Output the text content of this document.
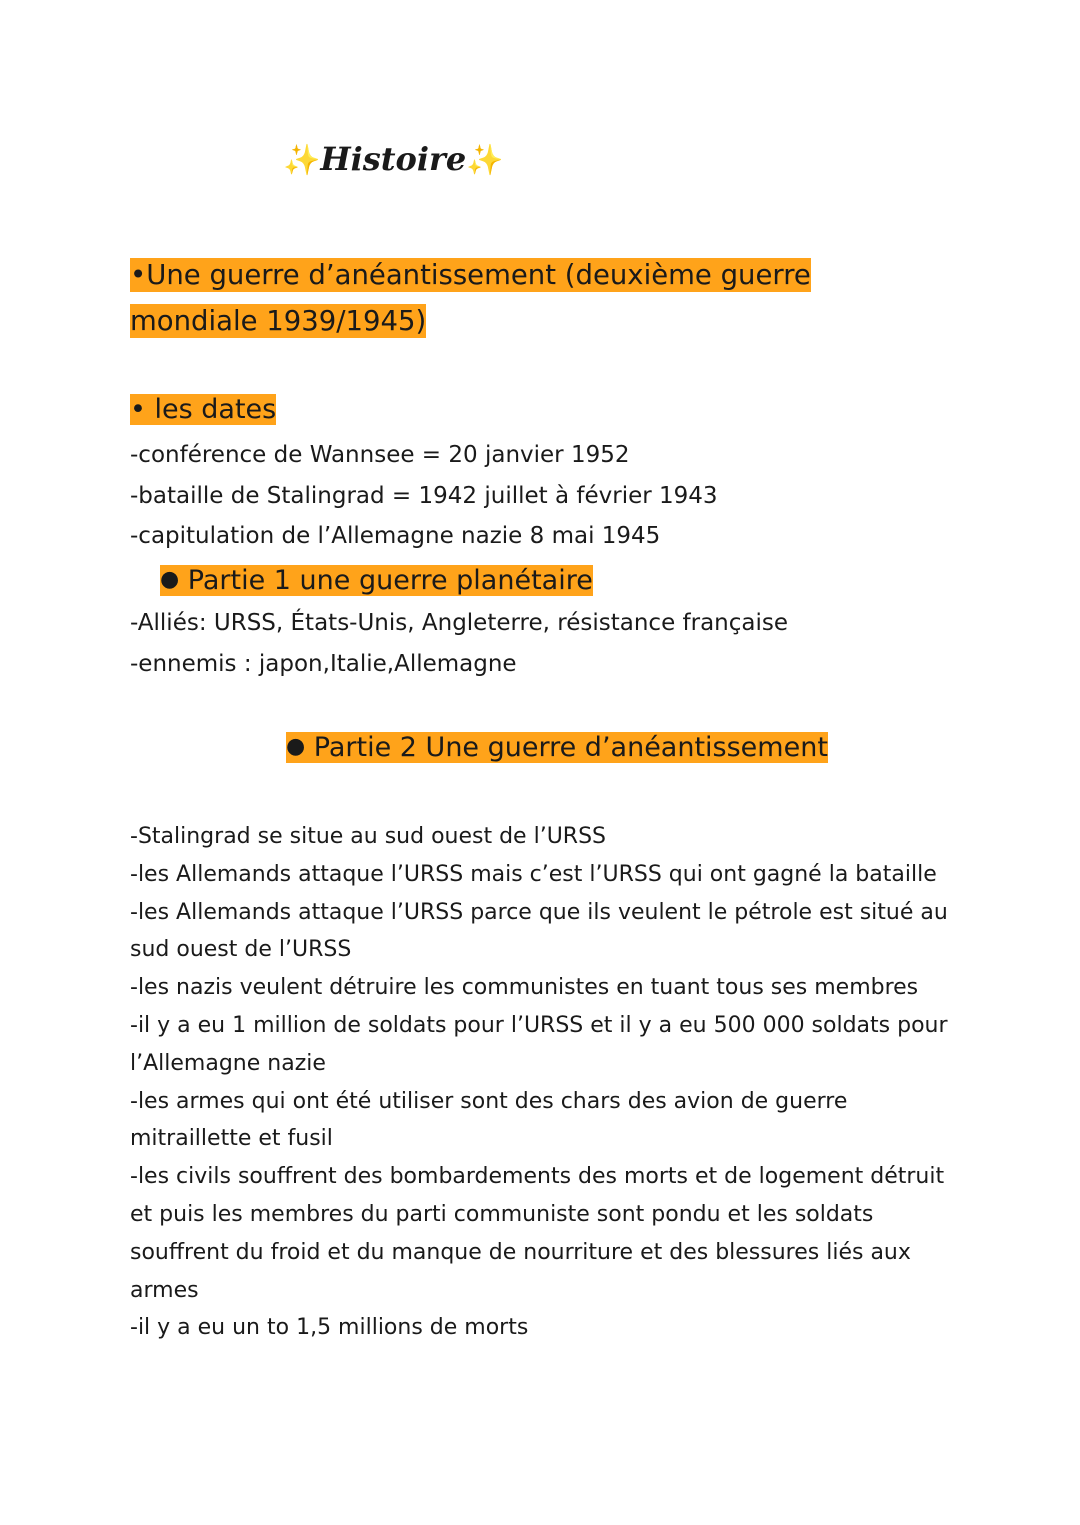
✨Histoire✨
•Une guerre d’anéantissement (deuxième guerre mondiale 1939/1945)
• les dates
-conférence de Wannsee = 20 janvier 1952
-bataille de Stalingrad = 1942 juillet à février 1943
-capitulation de l’Allemagne nazie 8 mai 1945
● Partie 1 une guerre planétaire
-Alliés: URSS, États-Unis, Angleterre, résistance française
-ennemis : japon,Italie,Allemagne
● Partie 2 Une guerre d’anéantissement
-Stalingrad se situe au sud ouest de l’URSS
-les Allemands attaque l’URSS mais c’est l’URSS qui ont gagné la bataille
-les Allemands attaque l’URSS parce que ils veulent le pétrole est situé au sud ouest de l’URSS
-les nazis veulent détruire les communistes en tuant tous ses membres
-il y a eu 1 million de soldats pour l’URSS et il y a eu 500 000 soldats pour l’Allemagne nazie
-les armes qui ont été utiliser sont des chars des avion de guerre mitraillette et fusil
-les civils souffrent des bombardements des morts et de logement détruit et puis les membres du parti communiste sont pondu et les soldats souffrent du froid et du manque de nourriture et des blessures liés aux armes
-il y a eu un to 1,5 millions de morts
